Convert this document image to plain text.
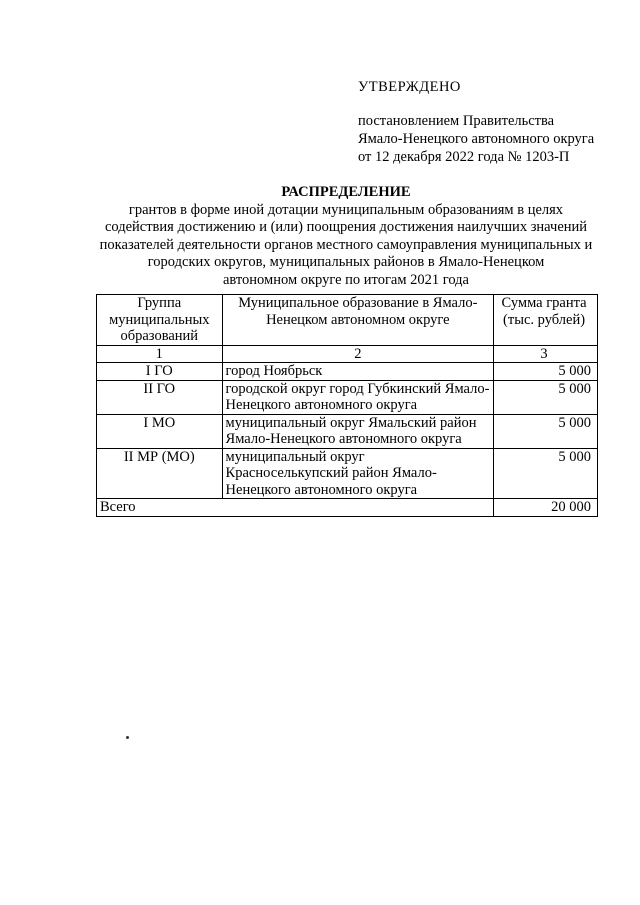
УТВЕРЖДЕНО
постановлением Правительства
Ямало-Ненецкого автономного округа
от 12 декабря 2022 года № 1203-П
РАСПРЕДЕЛЕНИЕ
грантов в форме иной дотации муниципальным образованиям в целях
содействия достижению и (или) поощрения достижения наилучших значений
показателей деятельности органов местного самоуправления муниципальных и
городских округов, муниципальных районов в Ямало-Ненецком
автономном округе по итогам 2021 года
Группа муниципальных образований	Муниципальное образование в Ямало-Ненецком автономном округе	Сумма гранта (тыс. рублей)
1	2	3
I ГО	город Ноябрьск	5 000
II ГО	городской округ город Губкинский Ямало-Ненецкого автономного округа	5 000
I МО	муниципальный округ Ямальский район Ямало-Ненецкого автономного округа	5 000
II МР (МО)	муниципальный округ Красноселькупский район Ямало-Ненецкого автономного округа	5 000
Всего		20 000
